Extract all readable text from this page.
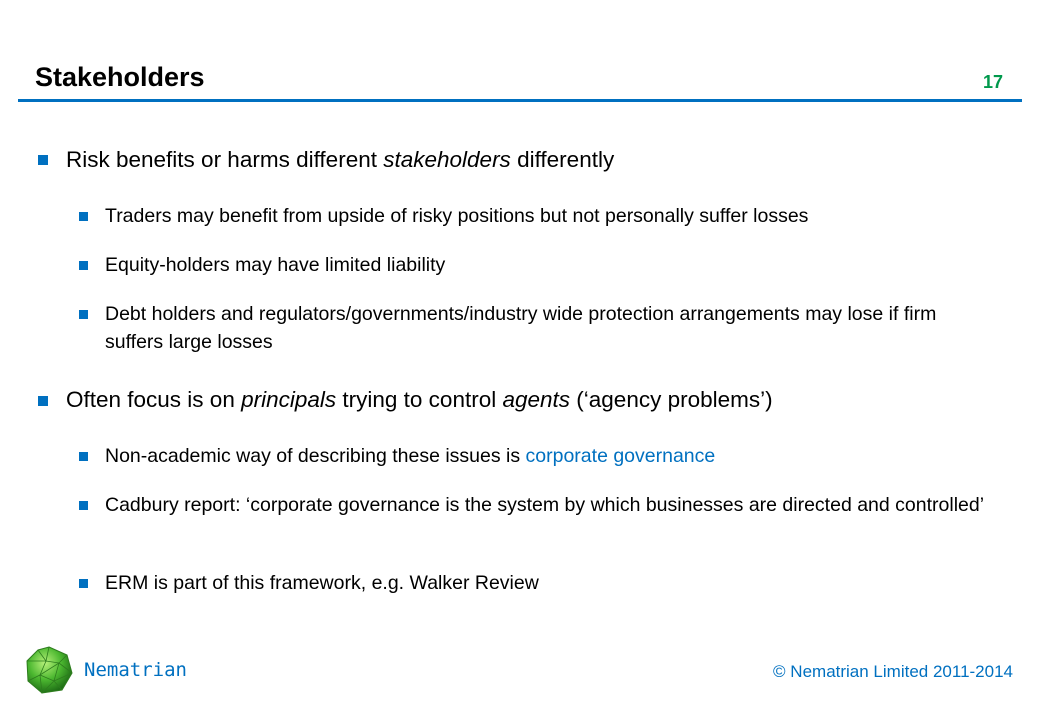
Stakeholders	17
Risk benefits or harms different stakeholders differently
Traders may benefit from upside of risky positions but not personally suffer losses
Equity-holders may have limited liability
Debt holders and regulators/governments/industry wide protection arrangements may lose if firm suffers large losses
Often focus is on principals trying to control agents (‘agency problems’)
Non-academic way of describing these issues is corporate governance
Cadbury report: ‘corporate governance is the system by which businesses are directed and controlled’
ERM is part of this framework, e.g. Walker Review
Nematrian	© Nematrian Limited 2011-2014
